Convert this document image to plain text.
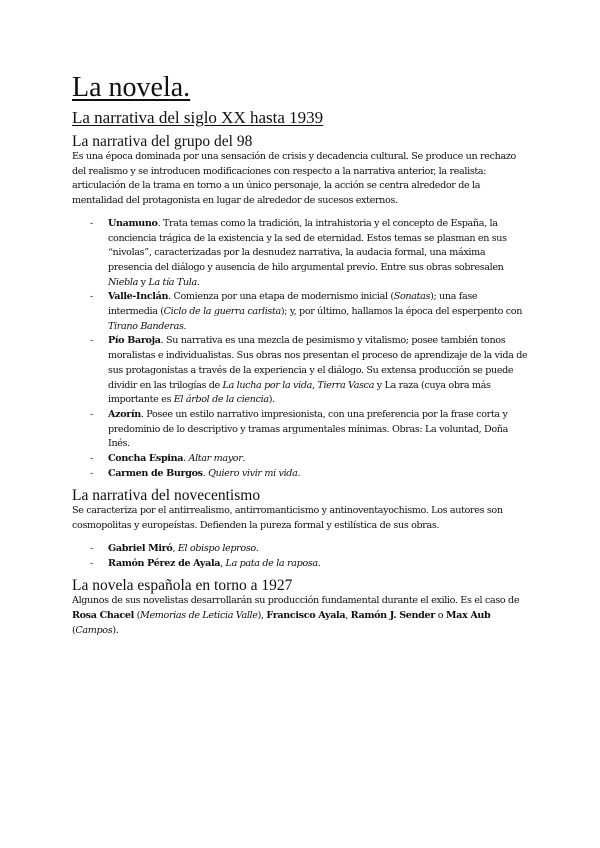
La novela.
La narrativa del siglo XX hasta 1939
La narrativa del grupo del 98

Es una época dominada por una sensación de crisis y decadencia cultural. Se produce un rechazo del realismo y se introducen modificaciones con respecto a la narrativa anterior, la realista: articulación de la trama en torno a un único personaje, la acción se centra alrededor de la mentalidad del protagonista en lugar de alrededor de sucesos externos.

- Unamuno. Trata temas como la tradición, la intrahistoria y el concepto de España, la conciencia trágica de la existencia y la sed de eternidad. Estos temas se plasman en sus “nivolas”, caracterizadas por la desnudez narrativa, la audacia formal, una máxima presencia del diálogo y ausencia de hilo argumental previo. Entre sus obras sobresalen Niebla y La tía Tula.
- Valle-Inclán. Comienza por una etapa de modernismo inicial (Sonatas); una fase intermedia (Ciclo de la guerra carlista); y, por último, hallamos la época del esperpento con Tirano Banderas.
- Pío Baroja. Su narrativa es una mezcla de pesimismo y vitalismo; posee también tonos moralistas e individualistas. Sus obras nos presentan el proceso de aprendizaje de la vida de sus protagonistas a través de la experiencia y el diálogo. Su extensa producción se puede dividir en las trilogías de La lucha por la vida, Tierra Vasca y La raza (cuya obra más importante es El árbol de la ciencia).
- Azorín. Posee un estilo narrativo impresionista, con una preferencia por la frase corta y predominio de lo descriptivo y tramas argumentales mínimas. Obras: La voluntad, Doña Inés.
- Concha Espina. Altar mayor.
- Carmen de Burgos. Quiero vivir mi vida.
La narrativa del novecentismo

Se caracteriza por el antirrealismo, antirromanticismo y antinoventayochismo. Los autores son cosmopolitas y europeístas. Defienden la pureza formal y estilística de sus obras.

- Gabriel Miró, El obispo leproso.
- Ramón Pérez de Ayala, La pata de la raposa.
La novela española en torno a 1927

Algunos de sus novelistas desarrollarán su producción fundamental durante el exilio. Es el caso de Rosa Chacel (Memorias de Leticia Valle), Francisco Ayala, Ramón J. Sender o Max Aub (Campos).
